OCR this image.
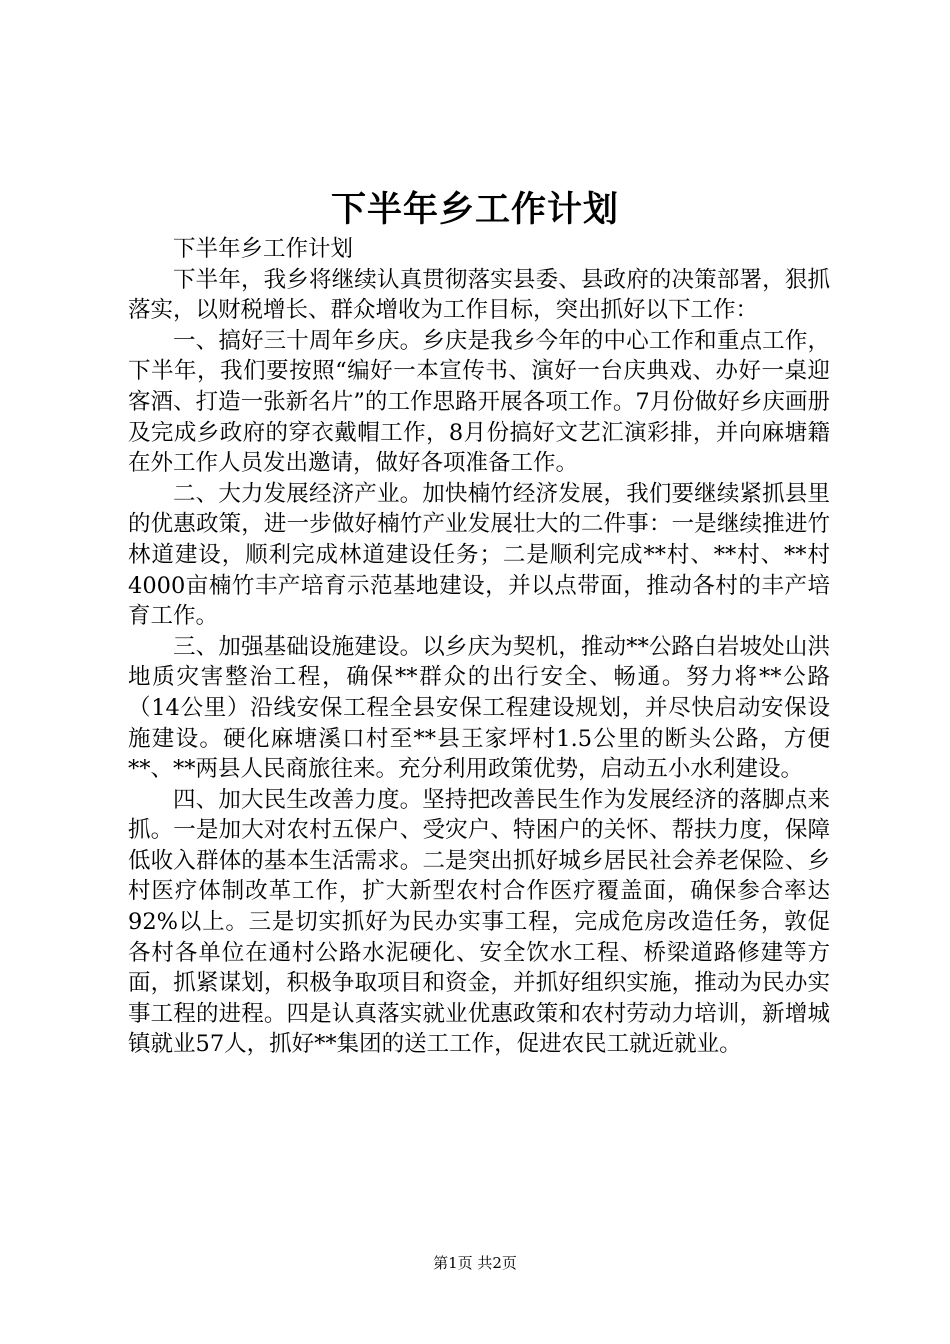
下半年乡工作计划

下半年乡工作计划

下半年，我乡将继续认真贯彻落实县委、县政府的决策部署，狠抓落实，以财税增长、群众增收为工作目标，突出抓好以下工作：

一、搞好三十周年乡庆。乡庆是我乡今年的中心工作和重点工作，下半年，我们要按照“编好一本宣传书、演好一台庆典戏、办好一桌迎客酒、打造一张新名片”的工作思路开展各项工作。7月份做好乡庆画册及完成乡政府的穿衣戴帽工作，8月份搞好文艺汇演彩排，并向麻塘籍在外工作人员发出邀请，做好各项准备工作。

二、大力发展经济产业。加快楠竹经济发展，我们要继续紧抓县里的优惠政策，进一步做好楠竹产业发展壮大的二件事：一是继续推进竹林道建设，顺利完成林道建设任务；二是顺利完成**村、**村、**村4000亩楠竹丰产培育示范基地建设，并以点带面，推动各村的丰产培育工作。

三、加强基础设施建设。以乡庆为契机，推动**公路白岩坡处山洪地质灾害整治工程，确保**群众的出行安全、畅通。努力将**公路（14公里）沿线安保工程全县安保工程建设规划，并尽快启动安保设施建设。硬化麻塘溪口村至**县王家坪村1.5公里的断头公路，方便**、**两县人民商旅往来。充分利用政策优势，启动五小水利建设。

四、加大民生改善力度。坚持把改善民生作为发展经济的落脚点来抓。一是加大对农村五保户、受灾户、特困户的关怀、帮扶力度，保障低收入群体的基本生活需求。二是突出抓好城乡居民社会养老保险、乡村医疗体制改革工作，扩大新型农村合作医疗覆盖面，确保参合率达92%以上。三是切实抓好为民办实事工程，完成危房改造任务，敦促各村各单位在通村公路水泥硬化、安全饮水工程、桥梁道路修建等方面，抓紧谋划，积极争取项目和资金，并抓好组织实施，推动为民办实事工程的进程。四是认真落实就业优惠政策和农村劳动力培训，新增城镇就业57人，抓好**集团的送工工作，促进农民工就近就业。

第1页 共2页
